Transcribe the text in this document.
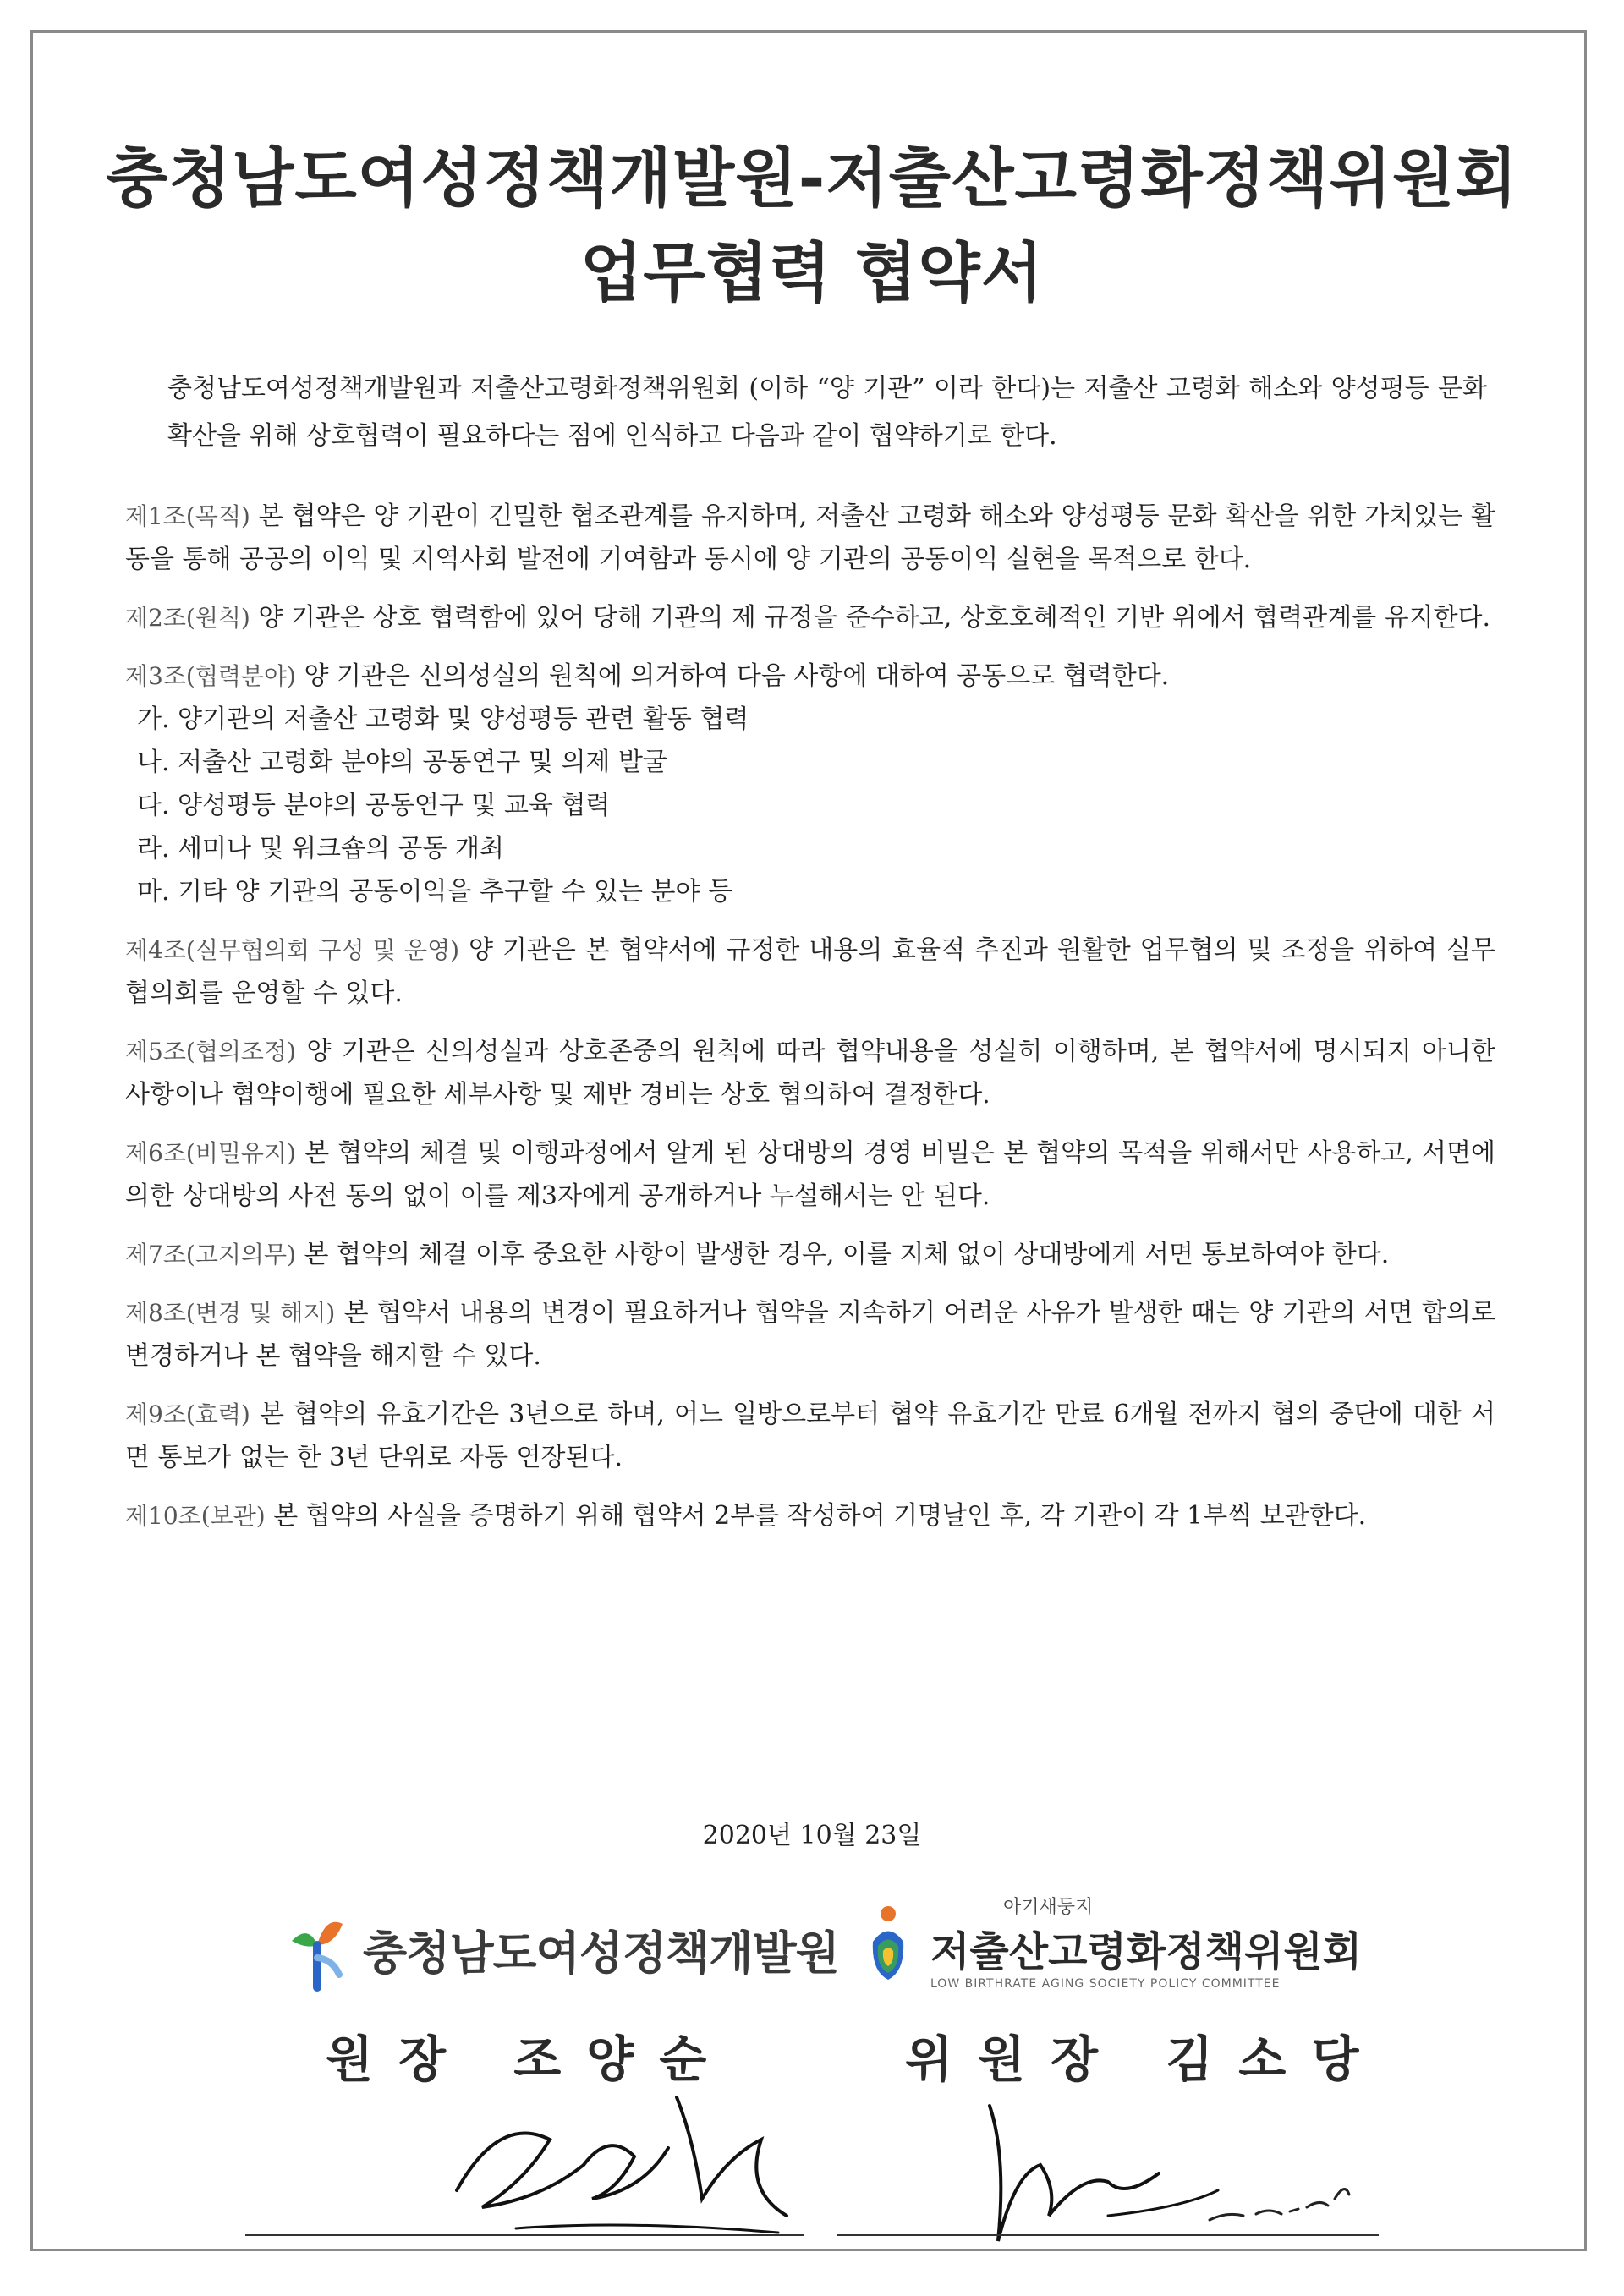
충청남도여성정책개발원-저출산고령화정책위원회
업무협력 협약서
충청남도여성정책개발원과 저출산고령화정책위원회 (이하 “양 기관” 이라 한다)는 저출산 고령화 해소와 양성평등 문화 확산을 위해 상호협력이 필요하다는 점에 인식하고 다음과 같이 협약하기로 한다.
제1조(목적) 본 협약은 양 기관이 긴밀한 협조관계를 유지하며, 저출산 고령화 해소와 양성평등 문화 확산을 위한 가치있는 활동을 통해 공공의 이익 및 지역사회 발전에 기여함과 동시에 양 기관의 공동이익 실현을 목적으로 한다.
제2조(원칙) 양 기관은 상호 협력함에 있어 당해 기관의 제 규정을 준수하고, 상호호혜적인 기반 위에서 협력관계를 유지한다.
제3조(협력분야) 양 기관은 신의성실의 원칙에 의거하여 다음 사항에 대하여 공동으로 협력한다.
가. 양기관의 저출산 고령화 및 양성평등 관련 활동 협력
나. 저출산 고령화 분야의 공동연구 및 의제 발굴
다. 양성평등 분야의 공동연구 및 교육 협력
라. 세미나 및 워크숍의 공동 개최
마. 기타 양 기관의 공동이익을 추구할 수 있는 분야 등
제4조(실무협의회 구성 및 운영) 양 기관은 본 협약서에 규정한 내용의 효율적 추진과 원활한 업무협의 및 조정을 위하여 실무협의회를 운영할 수 있다.
제5조(협의조정) 양 기관은 신의성실과 상호존중의 원칙에 따라 협약내용을 성실히 이행하며, 본 협약서에 명시되지 아니한 사항이나 협약이행에 필요한 세부사항 및 제반 경비는 상호 협의하여 결정한다.
제6조(비밀유지) 본 협약의 체결 및 이행과정에서 알게 된 상대방의 경영 비밀은 본 협약의 목적을 위해서만 사용하고, 서면에 의한 상대방의 사전 동의 없이 이를 제3자에게 공개하거나 누설해서는 안 된다.
제7조(고지의무) 본 협약의 체결 이후 중요한 사항이 발생한 경우, 이를 지체 없이 상대방에게 서면 통보하여야 한다.
제8조(변경 및 해지) 본 협약서 내용의 변경이 필요하거나 협약을 지속하기 어려운 사유가 발생한 때는 양 기관의 서면 합의로 변경하거나 본 협약을 해지할 수 있다.
제9조(효력) 본 협약의 유효기간은 3년으로 하며, 어느 일방으로부터 협약 유효기간 만료 6개월 전까지 협의 중단에 대한 서면 통보가 없는 한 3년 단위로 자동 연장된다.
제10조(보관) 본 협약의 사실을 증명하기 위해 협약서 2부를 작성하여 기명날인 후, 각 기관이 각 1부씩 보관한다.
2020년 10월 23일
충청남도여성정책개발원
아기새둥지
저출산고령화정책위원회
LOW BIRTHRATE AGING SOCIETY POLICY COMMITTEE
원장 조양순	위원장 김소당
